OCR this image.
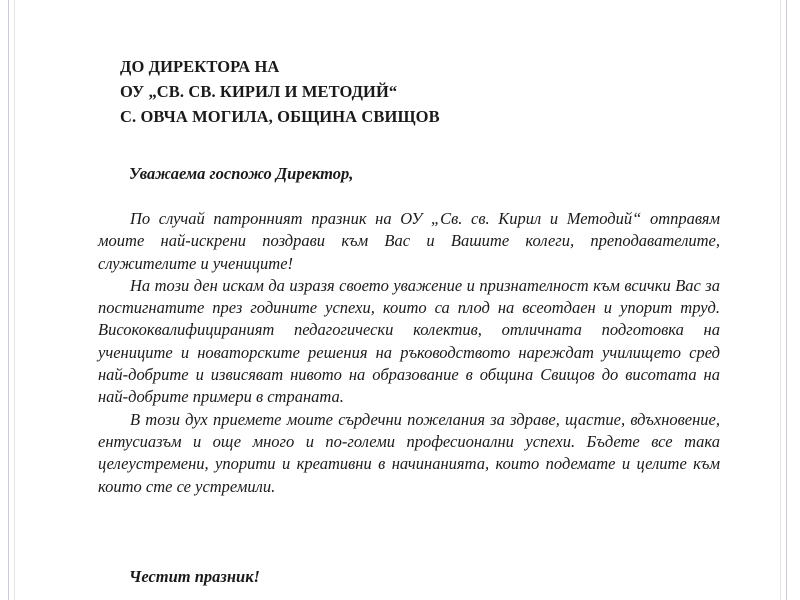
ДО ДИРЕКТОРА НА
ОУ „СВ. СВ. КИРИЛ И МЕТОДИЙ“
С. ОВЧА МОГИЛА, ОБЩИНА СВИЩОВ
Уважаема госпожо Директор,

По случай патронният празник на ОУ „Св. св. Кирил и Методий“ отправям моите най-искрени поздрави към Вас и Вашите колеги, преподавателите, служителите и учениците!

На този ден искам да изразя своето уважение и признателност към всички Вас за постигнатите през годините успехи, които са плод на всеотдаен и упорит труд. Висококвалифицираният педагогически колектив, отличната подготовка на учениците и новаторските решения на ръководството нареждат училището сред най-добрите и извисяват нивото на образование в община Свищов до висотата на най-добрите примери в страната.

В този дух приемете моите сърдечни пожелания за здраве, щастие, вдъхновение, ентусиазъм и още много и по-големи професионални успехи. Бъдете все така целеустремени, упорити и креативни в начинанията, които подемате и целите към които сте се устремили.

Честит празник!
